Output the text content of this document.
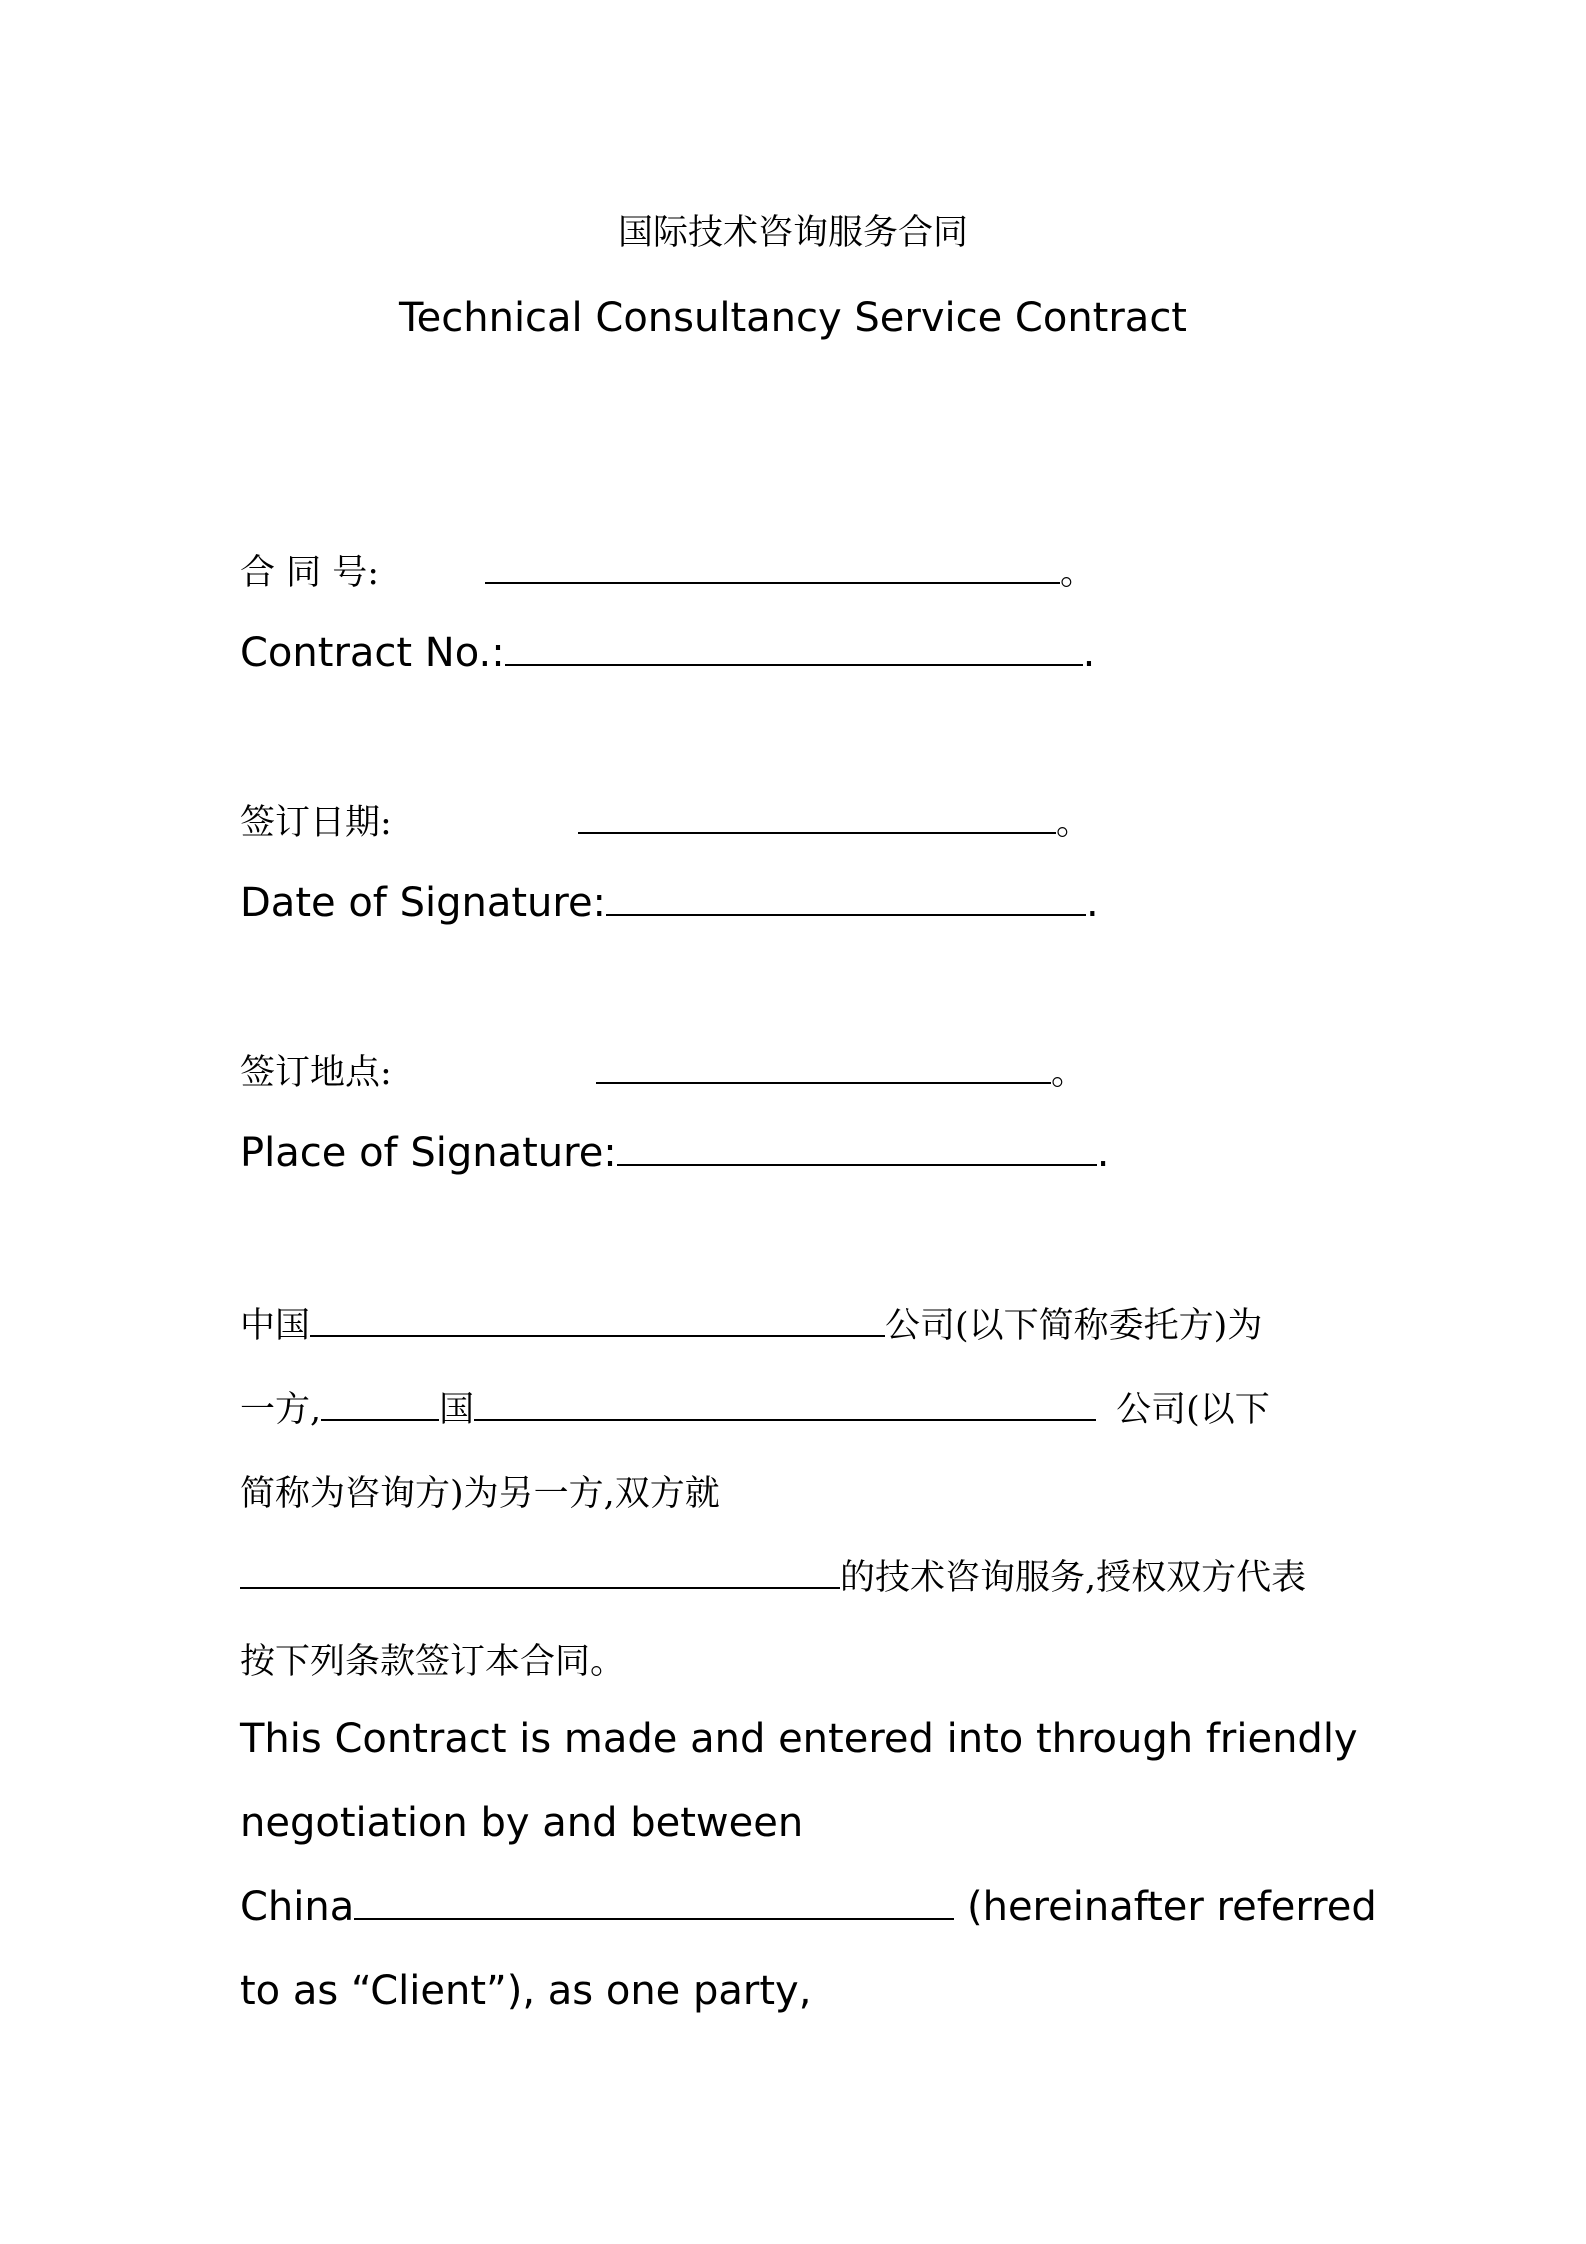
国际技术咨询服务合同
Technical Consultancy Service Contract
合 同 号:	。
Contract No.:	.
签订日期:	。
Date of Signature:	.
签订地点:	。
Place of Signature:	.
中国	公司(以下简称委托方)为
一方,	国	公司(以下
简称为咨询方)为另一方,双方就
的技术咨询服务,授权双方代表
按下列条款签订本合同。
This Contract is made and entered into through friendly
negotiation by and between
China	(hereinafter referred
to as “Client”), as one party,
